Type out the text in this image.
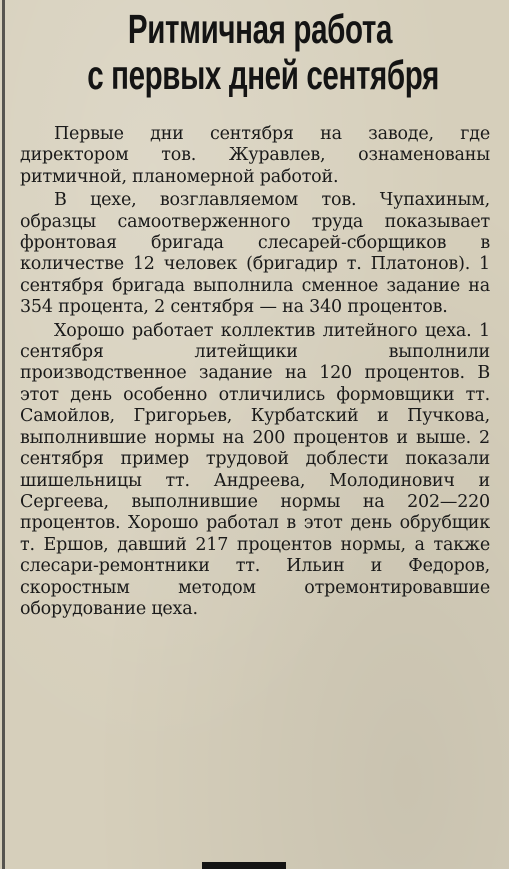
Ритмичная работа
с первых дней сентября

Первые дни сентября на заводе, где директором тов. Журавлев, ознаменованы ритмичной, планомерной работой.

В цехе, возглавляемом тов. Чупахиным, образцы самоотверженного труда показывает фронтовая бригада слесарей-сборщиков в количестве 12 человек (бригадир т. Платонов). 1 сентября бригада выполнила сменное задание на 354 процента, 2 сентября — на 340 процентов.

Хорошо работает коллектив литейного цеха. 1 сентября литейщики выполнили производственное задание на 120 процентов. В этот день особенно отличились формовщики тт. Самойлов, Григорьев, Курбатский и Пучкова, выполнившие нормы на 200 процентов и выше. 2 сентября пример трудовой доблести показали шишельницы тт. Андреева, Молодинович и Сергеева, выполнившие нормы на 202—220 процентов. Хорошо работал в этот день обрубщик т. Ершов, давший 217 процентов нормы, а также слесари-ремонтники тт. Ильин и Федоров, скоростным методом отремонтировавшие оборудование цеха.
